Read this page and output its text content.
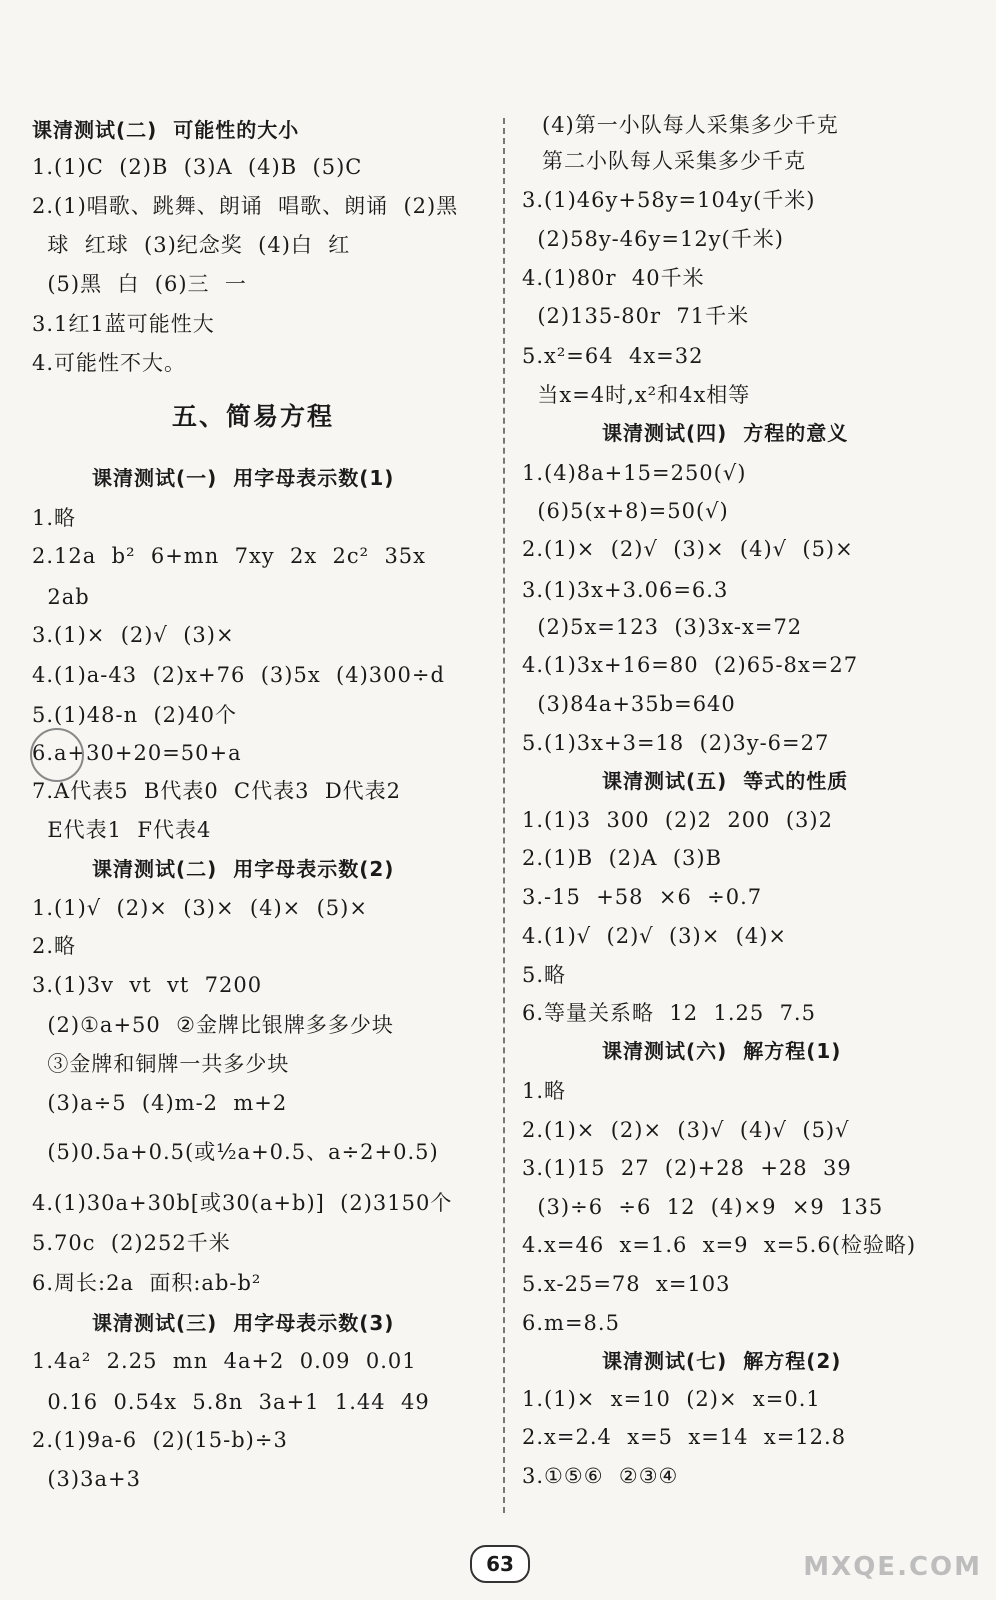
课清测试(二)  可能性的大小
1.(1)C  (2)B  (3)A  (4)B  (5)C
2.(1)唱歌、跳舞、朗诵  唱歌、朗诵  (2)黑
球  红球  (3)纪念奖  (4)白  红
(5)黑  白  (6)三  一
3.1红1蓝可能性大
4.可能性不大。
五、简易方程
课清测试(一)  用字母表示数(1)
1.略
2.12a  b²  6+mn  7xy  2x  2c²  35x
2ab
3.(1)×  (2)√  (3)×
4.(1)a-43  (2)x+76  (3)5x  (4)300÷d
5.(1)48-n  (2)40个
6.a+30+20=50+a
7.A代表5  B代表0  C代表3  D代表2
E代表1  F代表4
课清测试(二)  用字母表示数(2)
1.(1)√  (2)×  (3)×  (4)×  (5)×
2.略
3.(1)3v  vt  vt  7200
(2)①a+50  ②金牌比银牌多多少块
③金牌和铜牌一共多少块
(3)a÷5  (4)m-2  m+2
(5)0.5a+0.5(或½a+0.5、a÷2+0.5)
4.(1)30a+30b[或30(a+b)]  (2)3150个
5.70c  (2)252千米
6.周长:2a  面积:ab-b²
课清测试(三)  用字母表示数(3)
1.4a²  2.25  mn  4a+2  0.09  0.01
0.16  0.54x  5.8n  3a+1  1.44  49
2.(1)9a-6  (2)(15-b)÷3
(3)3a+3
(4)第一小队每人采集多少千克
第二小队每人采集多少千克
3.(1)46y+58y=104y(千米)
(2)58y-46y=12y(千米)
4.(1)80r  40千米
(2)135-80r  71千米
5.x²=64  4x=32
当x=4时,x²和4x相等
课清测试(四)  方程的意义
1.(4)8a+15=250(√)
(6)5(x+8)=50(√)
2.(1)×  (2)√  (3)×  (4)√  (5)×
3.(1)3x+3.06=6.3
(2)5x=123  (3)3x-x=72
4.(1)3x+16=80  (2)65-8x=27
(3)84a+35b=640
5.(1)3x+3=18  (2)3y-6=27
课清测试(五)  等式的性质
1.(1)3  300  (2)2  200  (3)2
2.(1)B  (2)A  (3)B
3.-15  +58  ×6  ÷0.7
4.(1)√  (2)√  (3)×  (4)×
5.略
6.等量关系略  12  1.25  7.5
课清测试(六)  解方程(1)
1.略
2.(1)×  (2)×  (3)√  (4)√  (5)√
3.(1)15  27  (2)+28  +28  39
(3)÷6  ÷6  12  (4)×9  ×9  135
4.x=46  x=1.6  x=9  x=5.6(检验略)
5.x-25=78  x=103
6.m=8.5
课清测试(七)  解方程(2)
1.(1)×  x=10  (2)×  x=0.1
2.x=2.4  x=5  x=14  x=12.8
3.①⑤⑥  ②③④
63	MXQE.COM
